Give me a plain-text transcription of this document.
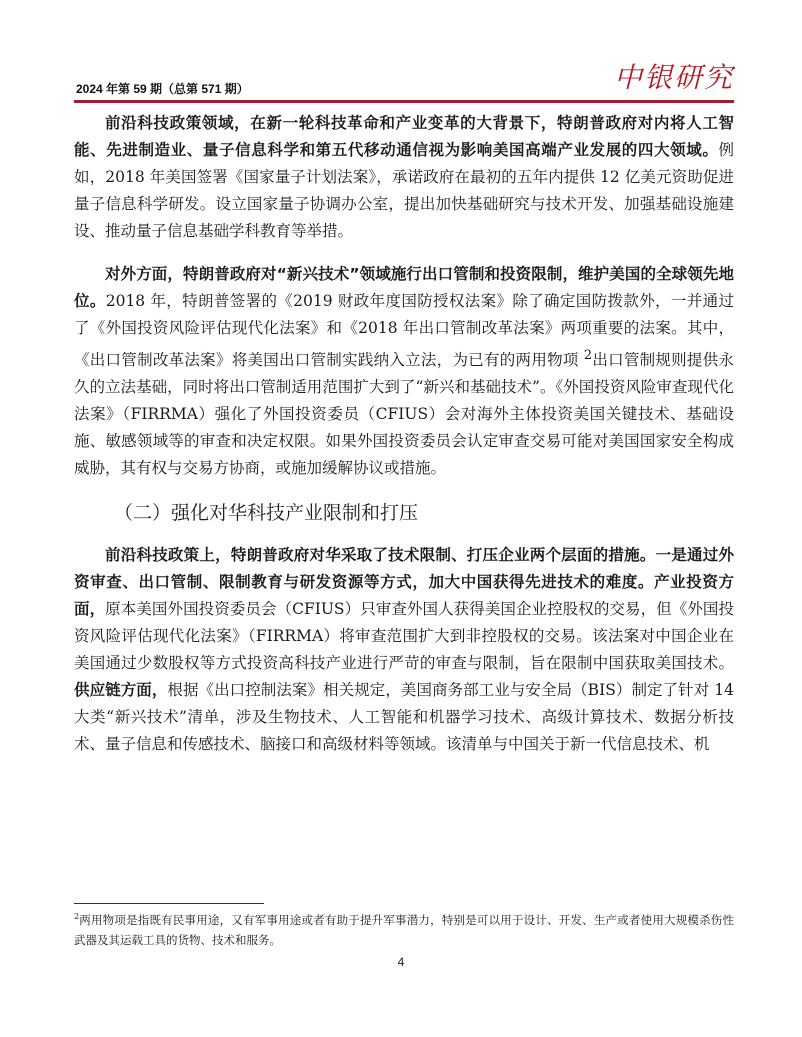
2024 年第 59 期（总第 571 期）	中银研究

前沿科技政策领域，在新一轮科技革命和产业变革的大背景下，特朗普政府对内将人工智能、先进制造业、量子信息科学和第五代移动通信视为影响美国高端产业发展的四大领域。例如，2018 年美国签署《国家量子计划法案》，承诺政府在最初的五年内提供 12 亿美元资助促进量子信息科学研发。设立国家量子协调办公室，提出加快基础研究与技术开发、加强基础设施建设、推动量子信息基础学科教育等举措。

对外方面，特朗普政府对“新兴技术”领域施行出口管制和投资限制，维护美国的全球领先地位。2018 年，特朗普签署的《2019 财政年度国防授权法案》除了确定国防拨款外，一并通过了《外国投资风险评估现代化法案》和《2018 年出口管制改革法案》两项重要的法案。其中，《出口管制改革法案》将美国出口管制实践纳入立法，为已有的两用物项 $^2$出口管制规则提供永久的立法基础，同时将出口管制适用范围扩大到了“新兴和基础技术”。《外国投资风险审查现代化法案》（FIRRMA）强化了外国投资委员（CFIUS）会对海外主体投资美国关键技术、基础设施、敏感领域等的审查和决定权限。如果外国投资委员会认定审查交易可能对美国国家安全构成威胁，其有权与交易方协商，或施加缓解协议或措施。

（二）强化对华科技产业限制和打压

前沿科技政策上，特朗普政府对华采取了技术限制、打压企业两个层面的措施。一是通过外资审查、出口管制、限制教育与研发资源等方式，加大中国获得先进技术的难度。产业投资方面，原本美国外国投资委员会（CFIUS）只审查外国人获得美国企业控股权的交易，但《外国投资风险评估现代化法案》（FIRRMA）将审查范围扩大到非控股权的交易。该法案对中国企业在美国通过少数股权等方式投资高科技产业进行严苛的审查与限制，旨在限制中国获取美国技术。供应链方面，根据《出口控制法案》相关规定，美国商务部工业与安全局（BIS）制定了针对 14 大类“新兴技术”清单，涉及生物技术、人工智能和机器学习技术、高级计算技术、数据分析技术、量子信息和传感技术、脑接口和高级材料等领域。该清单与中国关于新一代信息技术、机

$^2$两用物项是指既有民事用途，又有军事用途或者有助于提升军事潜力，特别是可以用于设计、开发、生产或者使用大规模杀伤性武器及其运载工具的货物、技术和服务。
4
